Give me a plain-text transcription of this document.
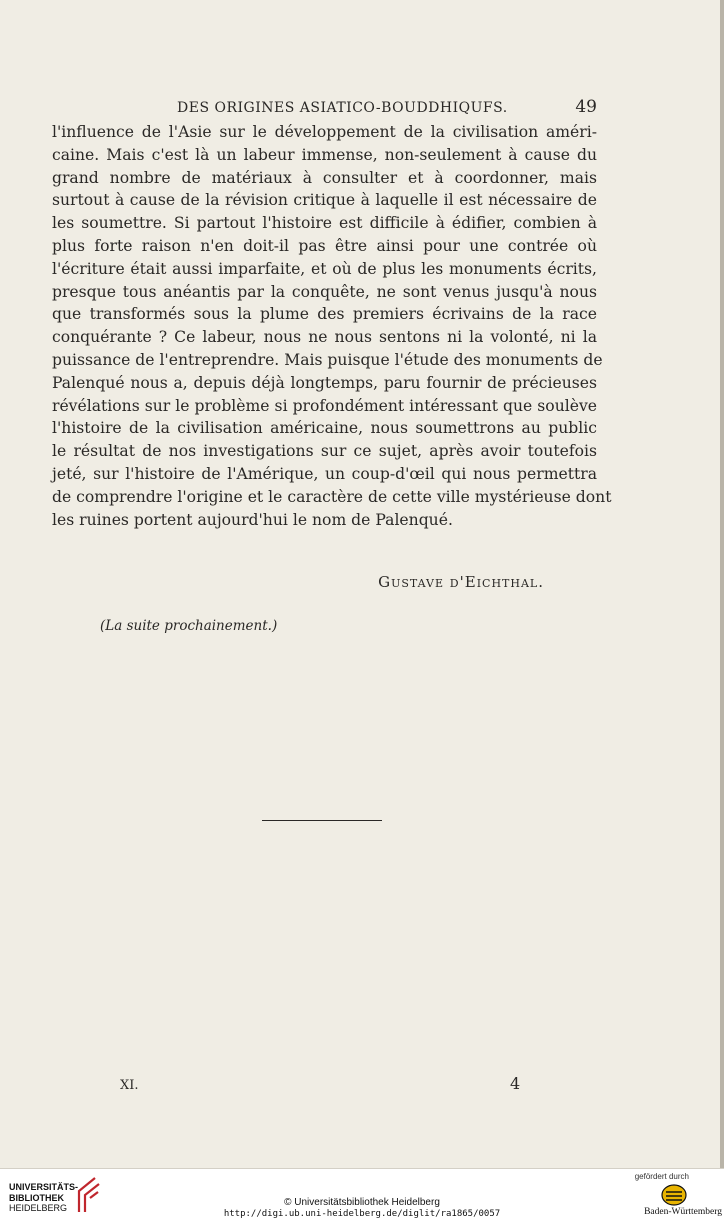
DES ORIGINES ASIATICO-BOUDDHIQUFS.	49
l'influence de l'Asie sur le développement de la civilisation améri-
caine. Mais c'est là un labeur immense, non-seulement à cause du
grand nombre de matériaux à consulter et à coordonner, mais
surtout à cause de la révision critique à laquelle il est nécessaire de
les soumettre. Si partout l'histoire est difficile à édifier, combien à
plus forte raison n'en doit-il pas être ainsi pour une contrée où
l'écriture était aussi imparfaite, et où de plus les monuments écrits,
presque tous anéantis par la conquête, ne sont venus jusqu'à nous
que transformés sous la plume des premiers écrivains de la race
conquérante ? Ce labeur, nous ne nous sentons ni la volonté, ni la
puissance de l'entreprendre. Mais puisque l'étude des monuments de
Palenqué nous a, depuis déjà longtemps, paru fournir de précieuses
révélations sur le problème si profondément intéressant que soulève
l'histoire de la civilisation américaine, nous soumettrons au public
le résultat de nos investigations sur ce sujet, après avoir toutefois
jeté, sur l'histoire de l'Amérique, un coup-d'œil qui nous permettra
de comprendre l'origine et le caractère de cette ville mystérieuse dont
les ruines portent aujourd'hui le nom de Palenqué.
Gustave d'Eichthal.
(La suite prochainement.)
XI.	4
UNIVERSITÄTS-
BIBLIOTHEK
HEIDELBERG	© Universitätsbibliothek Heidelberg
http://digi.ub.uni-heidelberg.de/diglit/ra1865/0057
gefördert durch
Baden-Württemberg
